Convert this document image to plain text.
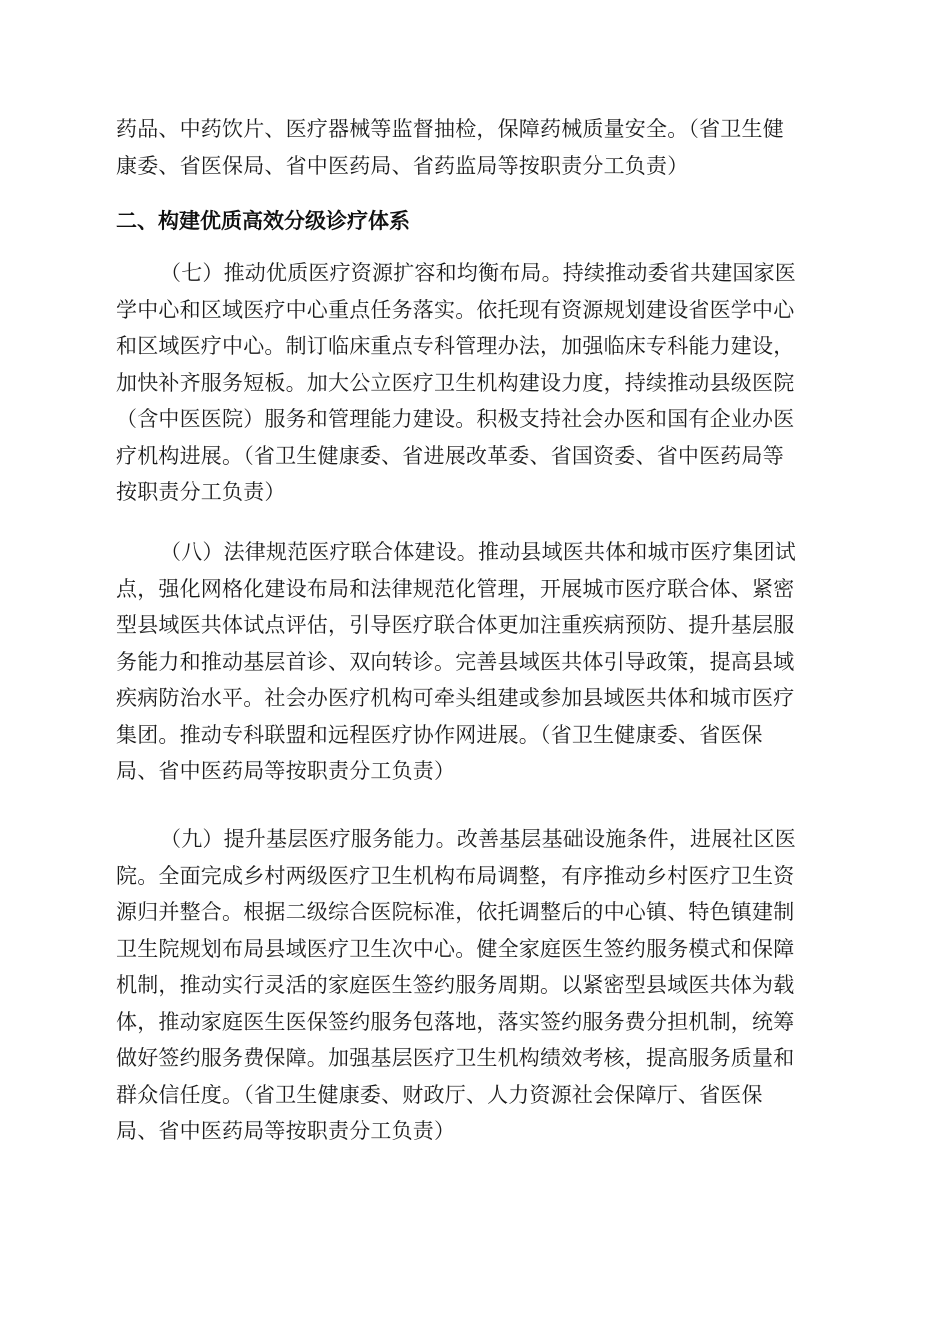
药品、中药饮片、医疗器械等监督抽检，保障药械质量安全。（省卫生健
康委、省医保局、省中医药局、省药监局等按职责分工负责）
二、构建优质高效分级诊疗体系
（七）推动优质医疗资源扩容和均衡布局。持续推动委省共建国家医
学中心和区域医疗中心重点任务落实。依托现有资源规划建设省医学中心
和区域医疗中心。制订临床重点专科管理办法，加强临床专科能力建设，
加快补齐服务短板。加大公立医疗卫生机构建设力度，持续推动县级医院
（含中医医院）服务和管理能力建设。积极支持社会办医和国有企业办医
疗机构进展。（省卫生健康委、省进展改革委、省国资委、省中医药局等
按职责分工负责）
（八）法律规范医疗联合体建设。推动县域医共体和城市医疗集团试
点，强化网格化建设布局和法律规范化管理，开展城市医疗联合体、紧密
型县域医共体试点评估，引导医疗联合体更加注重疾病预防、提升基层服
务能力和推动基层首诊、双向转诊。完善县域医共体引导政策，提高县域
疾病防治水平。社会办医疗机构可牵头组建或参加县域医共体和城市医疗
集团。推动专科联盟和远程医疗协作网进展。（省卫生健康委、省医保
局、省中医药局等按职责分工负责）
（九）提升基层医疗服务能力。改善基层基础设施条件，进展社区医
院。全面完成乡村两级医疗卫生机构布局调整，有序推动乡村医疗卫生资
源归并整合。根据二级综合医院标准，依托调整后的中心镇、特色镇建制
卫生院规划布局县域医疗卫生次中心。健全家庭医生签约服务模式和保障
机制，推动实行灵活的家庭医生签约服务周期。以紧密型县域医共体为载
体，推动家庭医生医保签约服务包落地，落实签约服务费分担机制，统筹
做好签约服务费保障。加强基层医疗卫生机构绩效考核，提高服务质量和
群众信任度。（省卫生健康委、财政厅、人力资源社会保障厅、省医保
局、省中医药局等按职责分工负责）
